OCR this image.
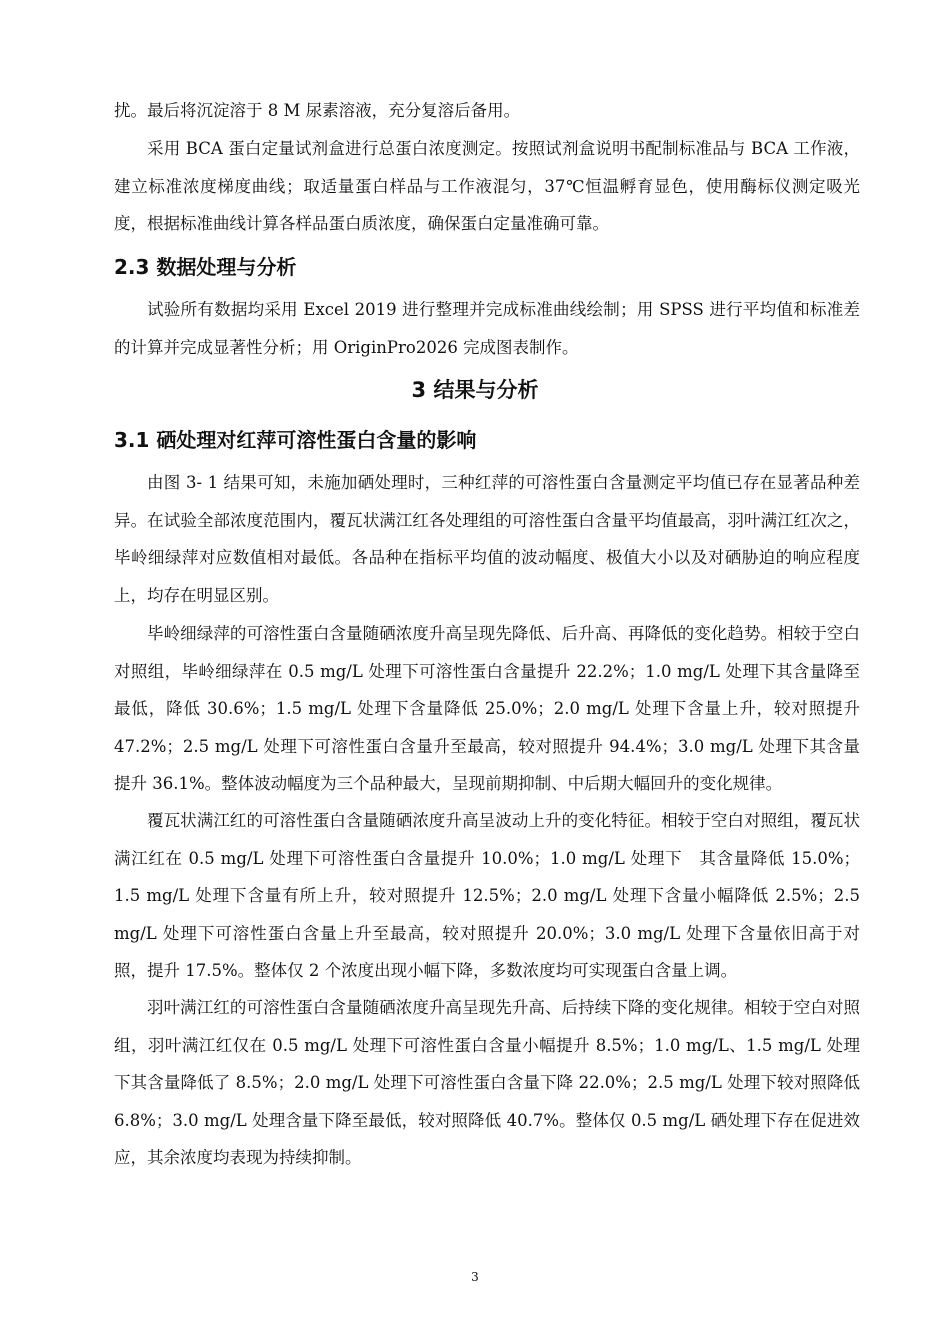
扰。最后将沉淀溶于 8 M 尿素溶液，充分复溶后备用。

采用 BCA 蛋白定量试剂盒进行总蛋白浓度测定。按照试剂盒说明书配制标准品与 BCA 工作液，建立标准浓度梯度曲线；取适量蛋白样品与工作液混匀，37℃恒温孵育显色，使用酶标仪测定吸光度，根据标准曲线计算各样品蛋白质浓度，确保蛋白定量准确可靠。

2.3 数据处理与分析

试验所有数据均采用 Excel 2019 进行整理并完成标准曲线绘制；用 SPSS 进行平均值和标准差的计算并完成显著性分析；用 OriginPro2026 完成图表制作。

3 结果与分析
3.1 硒处理对红萍可溶性蛋白含量的影响

由图 3- 1 结果可知，未施加硒处理时，三种红萍的可溶性蛋白含量测定平均值已存在显著品种差异。在试验全部浓度范围内，覆瓦状满江红各处理组的可溶性蛋白含量平均值最高，羽叶满江红次之，毕岭细绿萍对应数值相对最低。各品种在指标平均值的波动幅度、极值大小以及对硒胁迫的响应程度上，均存在明显区别。

毕岭细绿萍的可溶性蛋白含量随硒浓度升高呈现先降低、后升高、再降低的变化趋势。相较于空白对照组，毕岭细绿萍在 0.5 mg/L 处理下可溶性蛋白含量提升 22.2%；1.0 mg/L 处理下其含量降至最低，降低 30.6%；1.5 mg/L 处理下含量降低 25.0%；2.0 mg/L 处理下含量上升，较对照提升 47.2%；2.5 mg/L 处理下可溶性蛋白含量升至最高，较对照提升 94.4%；3.0 mg/L 处理下其含量提升 36.1%。整体波动幅度为三个品种最大，呈现前期抑制、中后期大幅回升的变化规律。

覆瓦状满江红的可溶性蛋白含量随硒浓度升高呈波动上升的变化特征。相较于空白对照组，覆瓦状满江红在 0.5 mg/L 处理下可溶性蛋白含量提升 10.0%；1.0 mg/L 处理下　其含量降低 15.0%；1.5 mg/L 处理下含量有所上升，较对照提升 12.5%；2.0 mg/L 处理下含量小幅降低 2.5%；2.5 mg/L 处理下可溶性蛋白含量上升至最高，较对照提升 20.0%；3.0 mg/L 处理下含量依旧高于对照，提升 17.5%。整体仅 2 个浓度出现小幅下降，多数浓度均可实现蛋白含量上调。

羽叶满江红的可溶性蛋白含量随硒浓度升高呈现先升高、后持续下降的变化规律。相较于空白对照组，羽叶满江红仅在 0.5 mg/L 处理下可溶性蛋白含量小幅提升 8.5%；1.0 mg/L、1.5 mg/L 处理下其含量降低了 8.5%；2.0 mg/L 处理下可溶性蛋白含量下降 22.0%；2.5 mg/L 处理下较对照降低 6.8%；3.0 mg/L 处理含量下降至最低，较对照降低 40.7%。整体仅 0.5 mg/L 硒处理下存在促进效应，其余浓度均表现为持续抑制。

3
